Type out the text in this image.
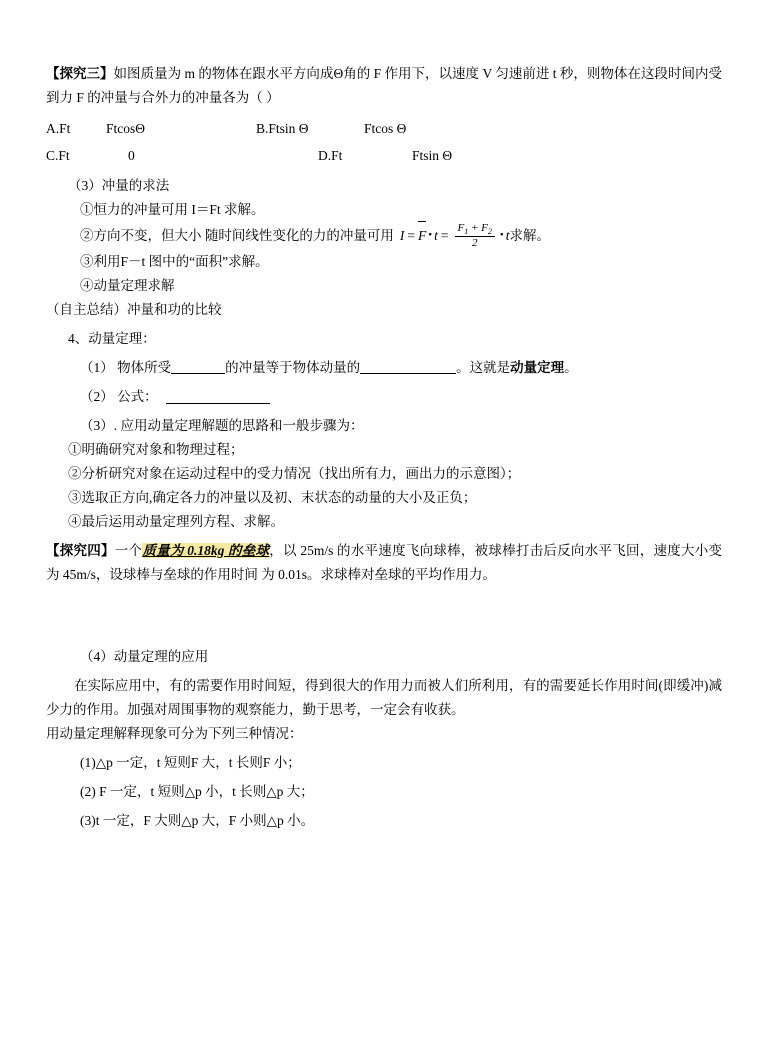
【探究三】如图质量为 m 的物体在跟水平方向成Θ角的 F 作用下，以速度 V 匀速前进 t 秒，则物体在这段时间内受到力 F 的冲量与合外力的冲量各为（ ）
A.Ft	FtcosΘ	B.Ftsin Θ	Ftcos Θ
C.Ft	0	D.Ft	Ftsin Θ
（3）冲量的求法
①恒力的冲量可用 I＝Ft 求解。
②方向不变，但大小 随时间线性变化的力的冲量可用 I = F • $t = \frac{F_1 + F_2}{2}$ • t 求解。
③利用F－t 图中的“面积”求解。
④动量定理求解
（自主总结）冲量和功的比较
4、动量定理：
（1） 物体所受	的冲量等于物体动量的	。这就是动量定理。
（2） 公式：
（3）. 应用动量定理解题的思路和一般步骤为：
①明确研究对象和物理过程；
②分析研究对象在运动过程中的受力情况（找出所有力，画出力的示意图）；
③选取正方向,确定各力的冲量以及初、末状态的动量的大小及正负；
④最后运用动量定理列方程、求解。
【探究四】一个质量为 0.18kg 的垒球，以 25m/s 的水平速度飞向球棒，被球棒打击后反向水平飞回，速度大小变为 45m/s，设球棒与垒球的作用时间 为 0.01s。求球棒对垒球的平均作用力。
（4）动量定理的应用
在实际应用中，有的需要作用时间短，得到很大的作用力而被人们所利用，有的需要延长作用时间(即缓冲)减少力的作用。加强对周围事物的观察能力，勤于思考，一定会有收获。
用动量定理解释现象可分为下列三种情况：
(1)△p 一定，t 短则F 大，t 长则F 小；
(2) F 一定，t 短则△p 小，t 长则△p 大；
(3)t 一定，F 大则△p 大，F 小则△p 小。
